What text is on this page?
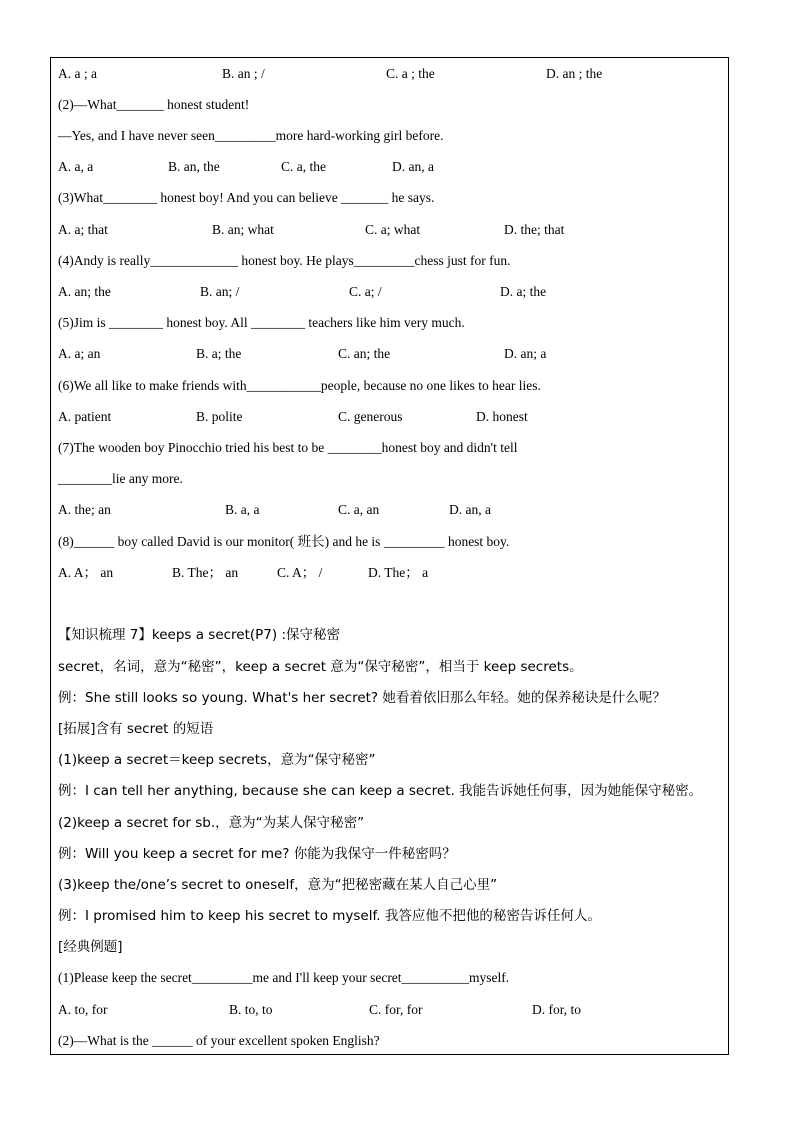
A. a ; a	B. an ; /	C. a ; the	D. an ; the
(2)—What_______ honest student!
—Yes, and I have never seen_________more hard-working girl before.
A. a, a	B. an, the	C. a, the	D. an, a
(3)What________ honest boy! And you can believe _______ he says.
A. a; that	B. an; what	C. a; what	D. the; that
(4)Andy is really_____________ honest boy. He plays_________chess just for fun.
A. an; the	B. an; /	C. a; /	D. a; the
(5)Jim is ________ honest boy. All ________ teachers like him very much.
A. a; an	B. a; the	C. an; the	D. an; a
(6)We all like to make friends with___________people, because no one likes to hear lies.
A. patient	B. polite	C. generous	D. honest
(7)The wooden boy Pinocchio tried his best to be ________honest boy and didn't tell
________lie any more.
A. the; an	B. a, a	C. a, an	D. an, a
(8)______ boy called David is our monitor( 班长) and he is _________ honest boy.
A. A； an	B. The； an	C. A； /	D. The； a
【知识梳理 7】keeps a secret(P7) :保守秘密
secret，名词，意为“秘密”，keep a secret 意为“保守秘密”，相当于 keep secrets。
例：She still looks so young. What's her secret? 她看着依旧那么年轻。她的保养秘诀是什么呢？
[拓展]含有 secret 的短语
(1)keep a secret＝keep secrets，意为“保守秘密”
例：I can tell her anything, because she can keep a secret. 我能告诉她任何事，因为她能保守秘密。
(2)keep a secret for sb.，意为“为某人保守秘密”
例：Will you keep a secret for me? 你能为我保守一件秘密吗？
(3)keep the/one’s secret to oneself，意为“把秘密藏在某人自己心里”
例：I promised him to keep his secret to myself. 我答应他不把他的秘密告诉任何人。
[经典例题]
(1)Please keep the secret_________me and I'll keep your secret__________myself.
A. to, for	B. to, to	C. for, for	D. for, to
(2)—What is the ______ of your excellent spoken English?
